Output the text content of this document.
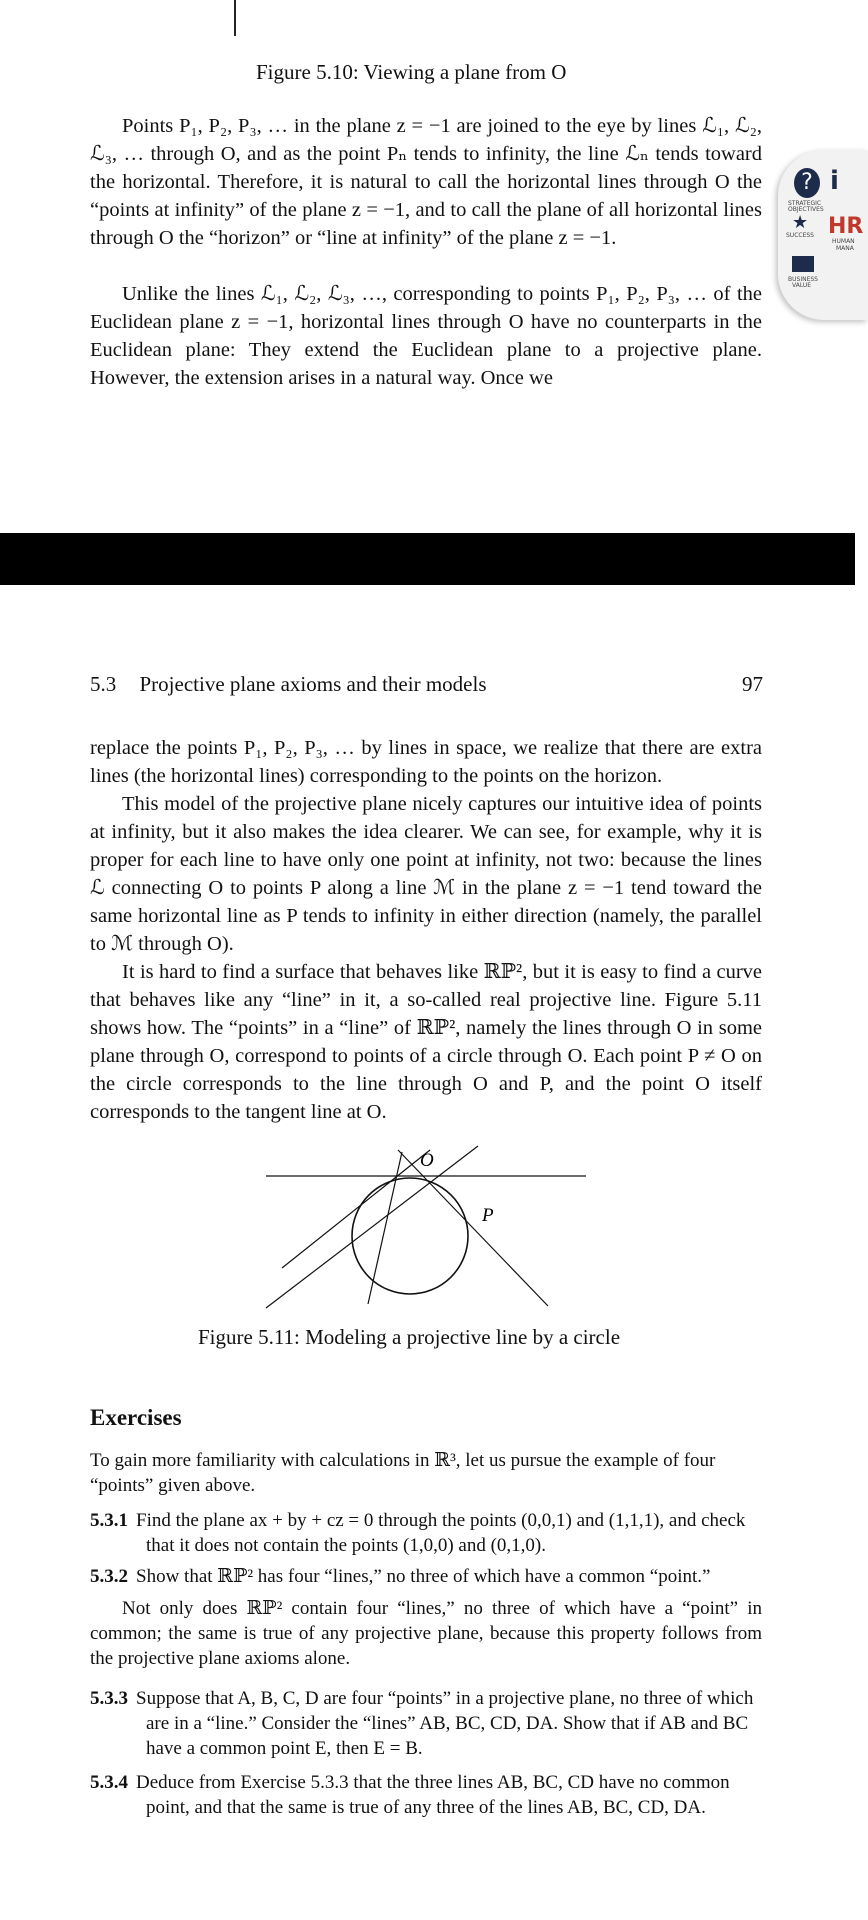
Figure 5.10: Viewing a plane from O

Points P₁, P₂, P₃, … in the plane z = −1 are joined to the eye by lines ℒ₁, ℒ₂, ℒ₃, … through O, and as the point Pₙ tends to infinity, the line ℒₙ tends toward the horizontal. Therefore, it is natural to call the horizontal lines through O the “points at infinity” of the plane z = −1, and to call the plane of all horizontal lines through O the “horizon” or “line at infinity” of the plane z = −1.

Unlike the lines ℒ₁, ℒ₂, ℒ₃, …, corresponding to points P₁, P₂, P₃, … of the Euclidean plane z = −1, horizontal lines through O have no counterparts in the Euclidean plane: They extend the Euclidean plane to a projective plane. However, the extension arises in a natural way. Once we

? i
STRATEGIC
OBJECTIVES
★ HR
SUCCESS
HUMAN
MANA
BUSINESS
VALUE
5.3 Projective plane axioms and their models	97

replace the points P₁, P₂, P₃, … by lines in space, we realize that there are extra lines (the horizontal lines) corresponding to the points on the horizon.

This model of the projective plane nicely captures our intuitive idea of points at infinity, but it also makes the idea clearer. We can see, for example, why it is proper for each line to have only one point at infinity, not two: because the lines ℒ connecting O to points P along a line ℳ in the plane z = −1 tend toward the same horizontal line as P tends to infinity in either direction (namely, the parallel to ℳ through O).

It is hard to find a surface that behaves like ℝℙ², but it is easy to find a curve that behaves like any “line” in it, a so-called real projective line. Figure 5.11 shows how. The “points” in a “line” of ℝℙ², namely the lines through O in some plane through O, correspond to points of a circle through O. Each point P ≠ O on the circle corresponds to the line through O and P, and the point O itself corresponds to the tangent line at O.

O
P
Figure 5.11: Modeling a projective line by a circle
Exercises
To gain more familiarity with calculations in ℝ³, let us pursue the example of four “points” given above.
5.3.1 Find the plane ax + by + cz = 0 through the points (0,0,1) and (1,1,1), and check that it does not contain the points (1,0,0) and (0,1,0).
5.3.2 Show that ℝℙ² has four “lines,” no three of which have a common “point.”
Not only does ℝℙ² contain four “lines,” no three of which have a “point” in common; the same is true of any projective plane, because this property follows from the projective plane axioms alone.
5.3.3 Suppose that A, B, C, D are four “points” in a projective plane, no three of which are in a “line.” Consider the “lines” AB, BC, CD, DA. Show that if AB and BC have a common point E, then E = B.
5.3.4 Deduce from Exercise 5.3.3 that the three lines AB, BC, CD have no common point, and that the same is true of any three of the lines AB, BC, CD, DA.
